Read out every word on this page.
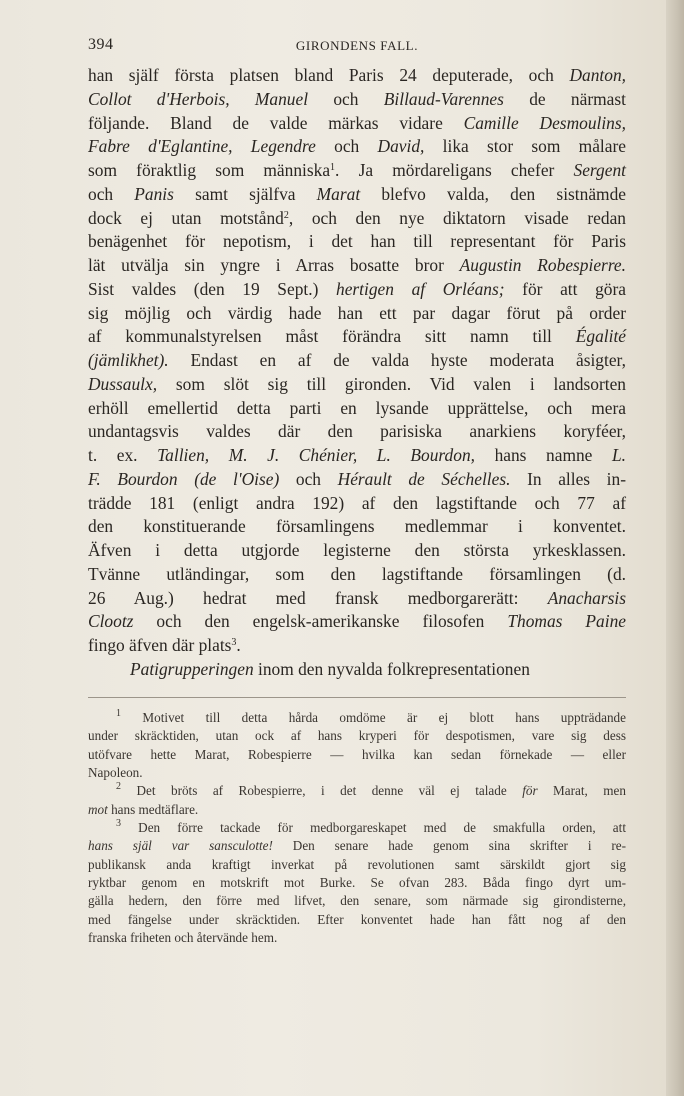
394	GIRONDENS FALL.
han själf första platsen bland Paris 24 deputerade, och Danton,
Collot d'Herbois, Manuel och Billaud-Varennes de närmast
följande. Bland de valde märkas vidare Camille Desmoulins,
Fabre d'Eglantine, Legendre och David, lika stor som målare
som föraktlig som människa$^1$. Ja mördareligans chefer Sergent
och Panis samt själfva Marat blefvo valda, den sistnämde
dock ej utan motstånd$^2$, och den nye diktatorn visade redan
benägenhet för nepotism, i det han till representant för Paris
lät utvälja sin yngre i Arras bosatte bror Augustin Robespierre.
Sist valdes (den 19 Sept.) hertigen af Orléans; för att göra
sig möjlig och värdig hade han ett par dagar förut på order
af kommunalstyrelsen måst förändra sitt namn till Égalité
(jämlikhet). Endast en af de valda hyste moderata åsigter,
Dussaulx, som slöt sig till gironden. Vid valen i landsorten
erhöll emellertid detta parti en lysande upprättelse, och mera
undantagsvis valdes där den parisiska anarkiens koryféer,
t. ex. Tallien, M. J. Chénier, L. Bourdon, hans namne L.
F. Bourdon (de l'Oise) och Hérault de Séchelles. In alles in-
trädde 181 (enligt andra 192) af den lagstiftande och 77 af
den konstituerande församlingens medlemmar i konventet.
Äfven i detta utgjorde legisterne den största yrkesklassen.
Tvänne utländingar, som den lagstiftande församlingen (d.
26 Aug.) hedrat med fransk medborgarerätt: Anacharsis
Clootz och den engelsk-amerikanske filosofen Thomas Paine
fingo äfven där plats$^3$.
Patigrupperingen inom den nyvalda folkrepresentationen
$^1$ Motivet till detta hårda omdöme är ej blott hans uppträdande
under skräcktiden, utan ock af hans kryperi för despotismen, vare sig dess
utöfvare hette Marat, Robespierre — hvilka kan sedan förnekade — eller
Napoleon.
$^2$ Det bröts af Robespierre, i det denne väl ej talade för Marat, men
mot hans medtäflare.
$^3$ Den förre tackade för medborgareskapet med de smakfulla orden, att
hans själ var sansculotte! Den senare hade genom sina skrifter i re-
publikansk anda kraftigt inverkat på revolutionen samt särskildt gjort sig
ryktbar genom en motskrift mot Burke. Se ofvan 283. Båda fingo dyrt um-
gälla hedern, den förre med lifvet, den senare, som närmade sig girondisterne,
med fängelse under skräcktiden. Efter konventet hade han fått nog af den
franska friheten och återvände hem.
